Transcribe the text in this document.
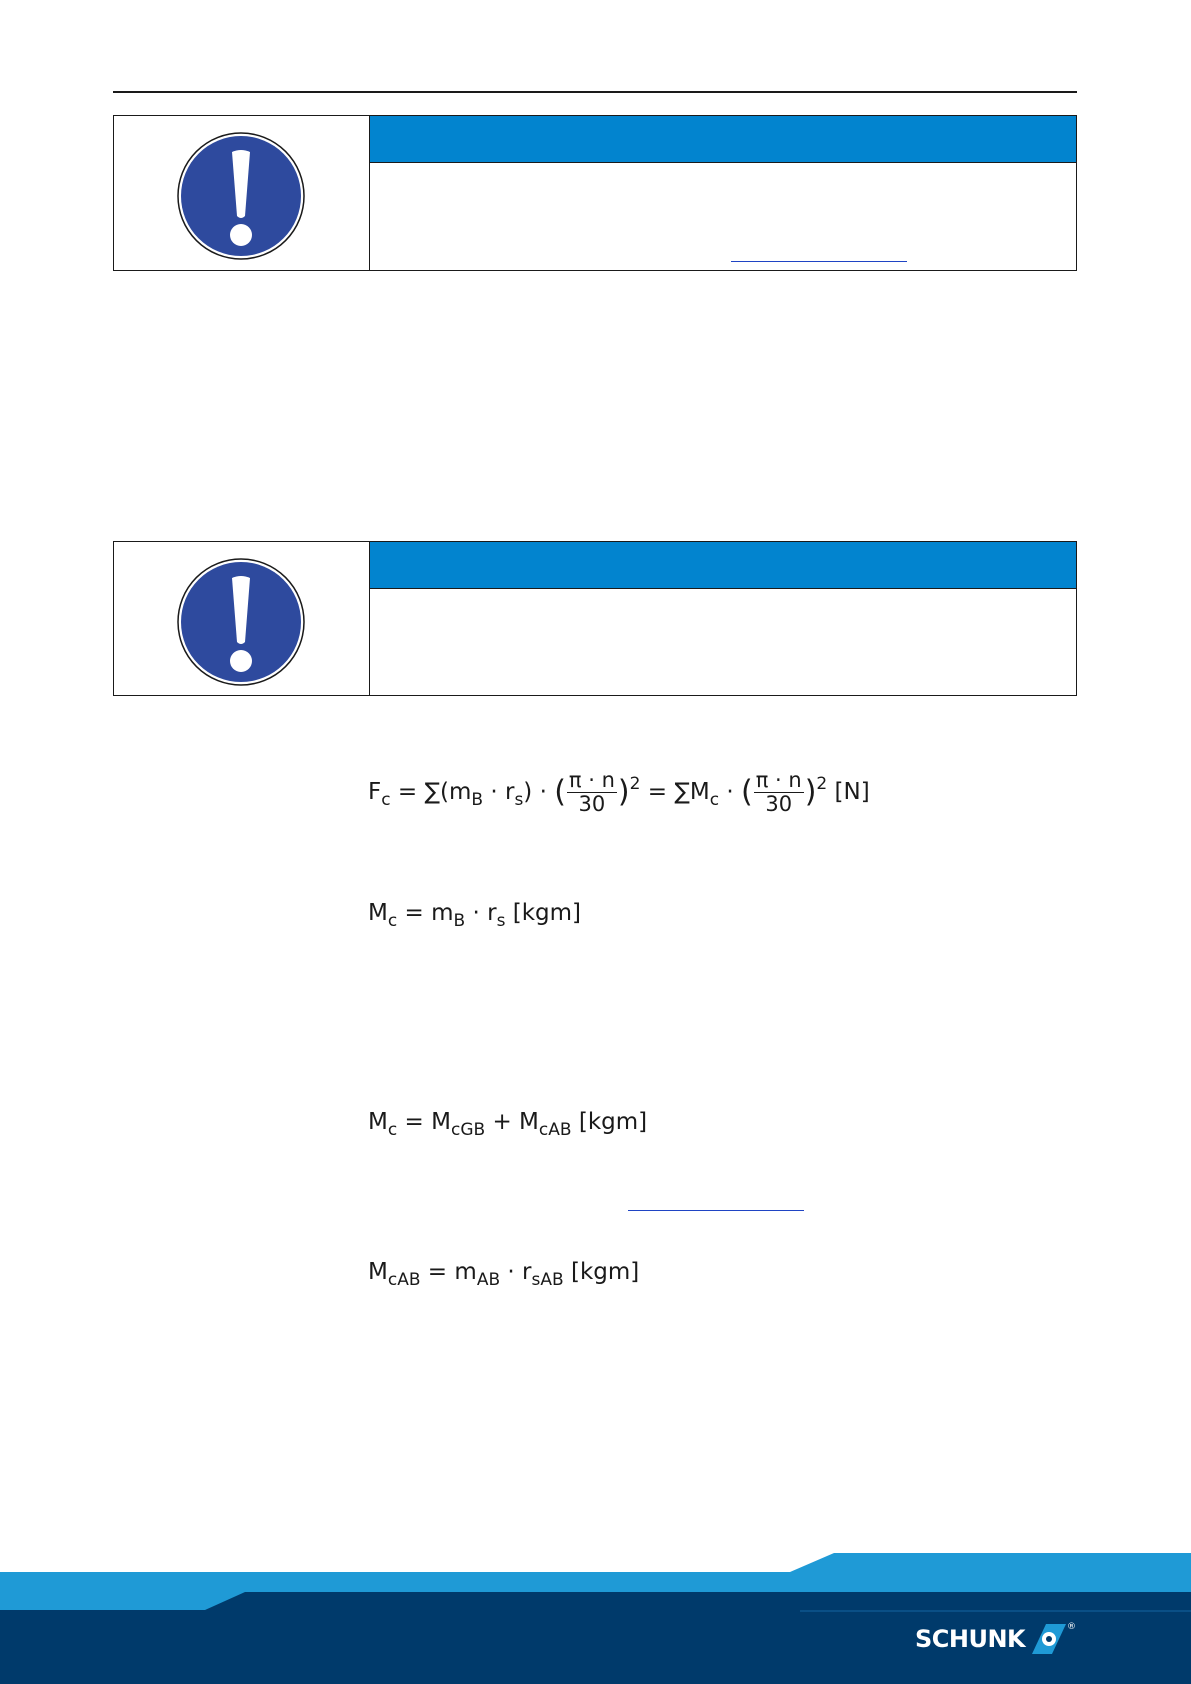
$F_c = \sum(m_B \cdot r_s)$ · ( $\frac{\pi \cdot n}{30} )^2 = \sum M_c$ · ( $\frac{\pi \cdot n}{30} )^2$ [N]
$M_c = m_B \cdot r_s$ [kgm]
$M_c = M_{cGB} + M_{cAB}$ [kgm]
$M_{cAB} = m_{AB} \cdot r_{sAB}$ [kgm]
SCHUNK	®
